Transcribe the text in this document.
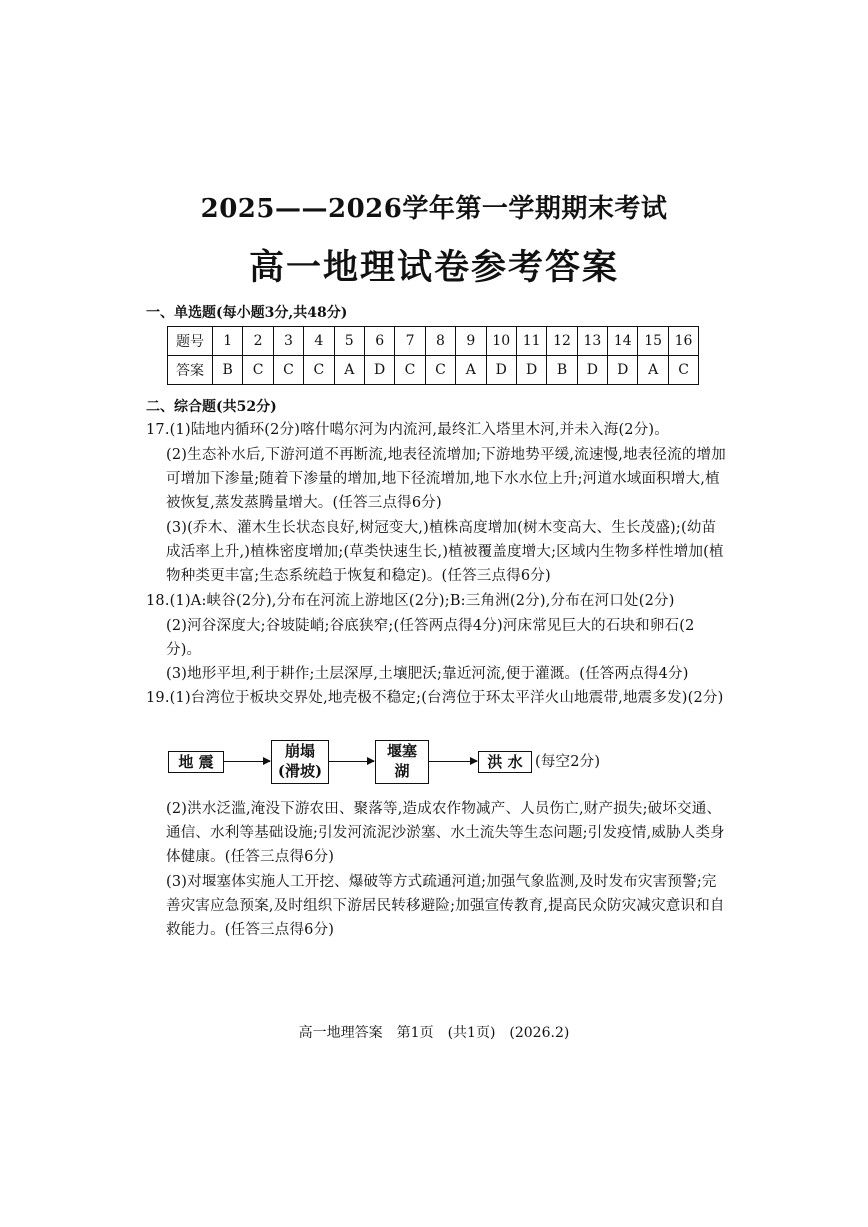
2025——2026学年第一学期期末考试
高一地理试卷参考答案
一、单选题(每小题3分,共48分)
题号	1	2	3	4	5	6	7	8	9	10	11	12	13	14	15	16
答案	B	C	C	C	A	D	C	C	A	D	D	B	D	D	A	C
二、综合题(共52分)
17.(1)陆地内循环(2分)喀什噶尔河为内流河,最终汇入塔里木河,并未入海(2分)。
(2)生态补水后,下游河道不再断流,地表径流增加;下游地势平缓,流速慢,地表径流的增加可增加下渗量;随着下渗量的增加,地下径流增加,地下水水位上升;河道水域面积增大,植被恢复,蒸发蒸腾量增大。(任答三点得6分)
(3)(乔木、灌木生长状态良好,树冠变大,)植株高度增加(树木变高大、生长茂盛);(幼苗成活率上升,)植株密度增加;(草类快速生长,)植被覆盖度增大;区域内生物多样性增加(植物种类更丰富;生态系统趋于恢复和稳定)。(任答三点得6分)
18.(1)A:峡谷(2分),分布在河流上游地区(2分);B:三角洲(2分),分布在河口处(2分)
(2)河谷深度大;谷坡陡峭;谷底狭窄;(任答两点得4分)河床常见巨大的石块和卵石(2分)。
(3)地形平坦,利于耕作;土层深厚,土壤肥沃;靠近河流,便于灌溉。(任答两点得4分)
19.(1)台湾位于板块交界处,地壳极不稳定;(台湾位于环太平洋火山地震带,地震多发)(2分)
地 震
崩塌
(滑坡)
堰塞
湖	洪 水 (每空2分)
(2)洪水泛滥,淹没下游农田、聚落等,造成农作物减产、人员伤亡,财产损失;破坏交通、通信、水利等基础设施;引发河流泥沙淤塞、水土流失等生态问题;引发疫情,威胁人类身体健康。(任答三点得6分)
(3)对堰塞体实施人工开挖、爆破等方式疏通河道;加强气象监测,及时发布灾害预警;完善灾害应急预案,及时组织下游居民转移避险;加强宣传教育,提高民众防灾减灾意识和自救能力。(任答三点得6分)
高一地理答案　第1页　(共1页)　(2026.2)
